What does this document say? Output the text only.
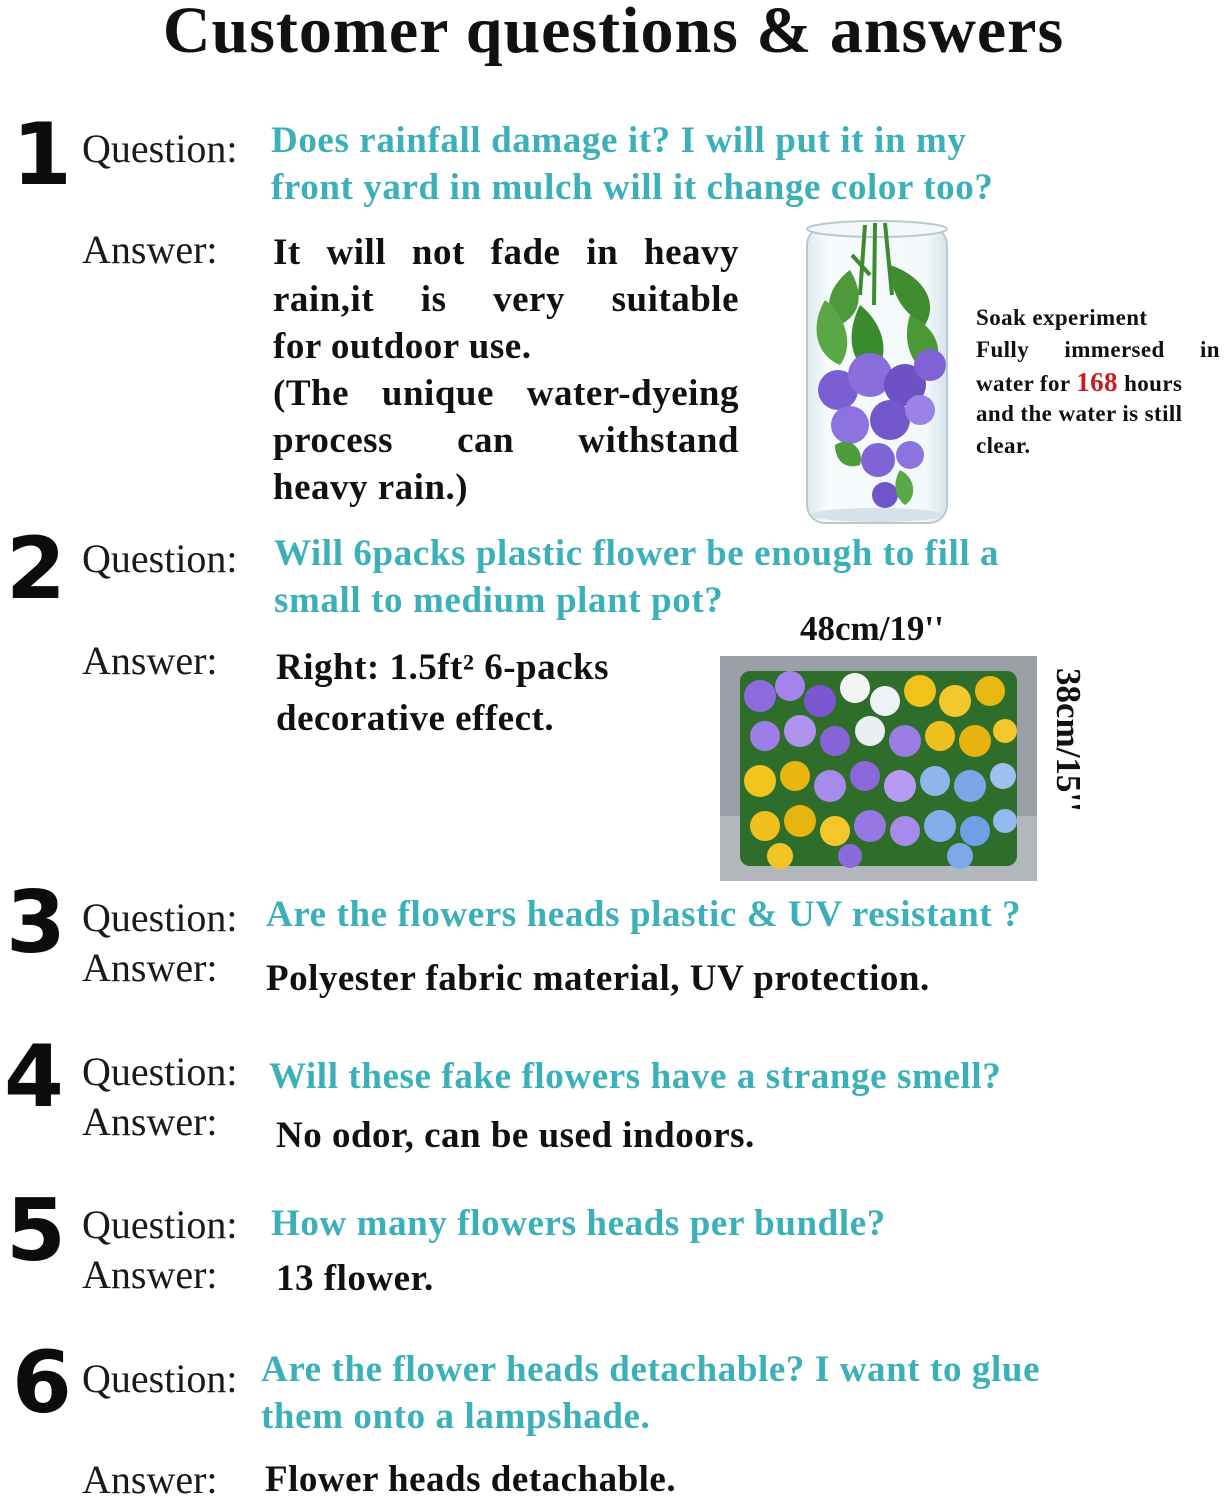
Customer questions & answers
1 Question: Does rainfall damage it? I will put it in my
front yard in mulch will it change color too?
Answer: It will not fade in heavy
rain,it is very suitable
for outdoor use.
(The unique water-dyeing
process can withstand
heavy rain.)
Soak experiment
Fully immersed in
water for 168 hours
and the water is still
clear.
2 Question: Will 6packs plastic flower be enough to fill a
small to medium plant pot?
Answer: Right: 1.5ft² 6-packs
decorative effect.
48cm/19''
38cm/15''
3 Question: Are the flowers heads plastic & UV resistant ?
Answer: Polyester fabric material, UV protection.
4 Question: Will these fake flowers have a strange smell?
Answer: No odor, can be used indoors.
5 Question: How many flowers heads per bundle?
Answer: 13 flower.
6 Question: Are the flower heads detachable? I want to glue
them onto a lampshade.
Answer: Flower heads detachable.
